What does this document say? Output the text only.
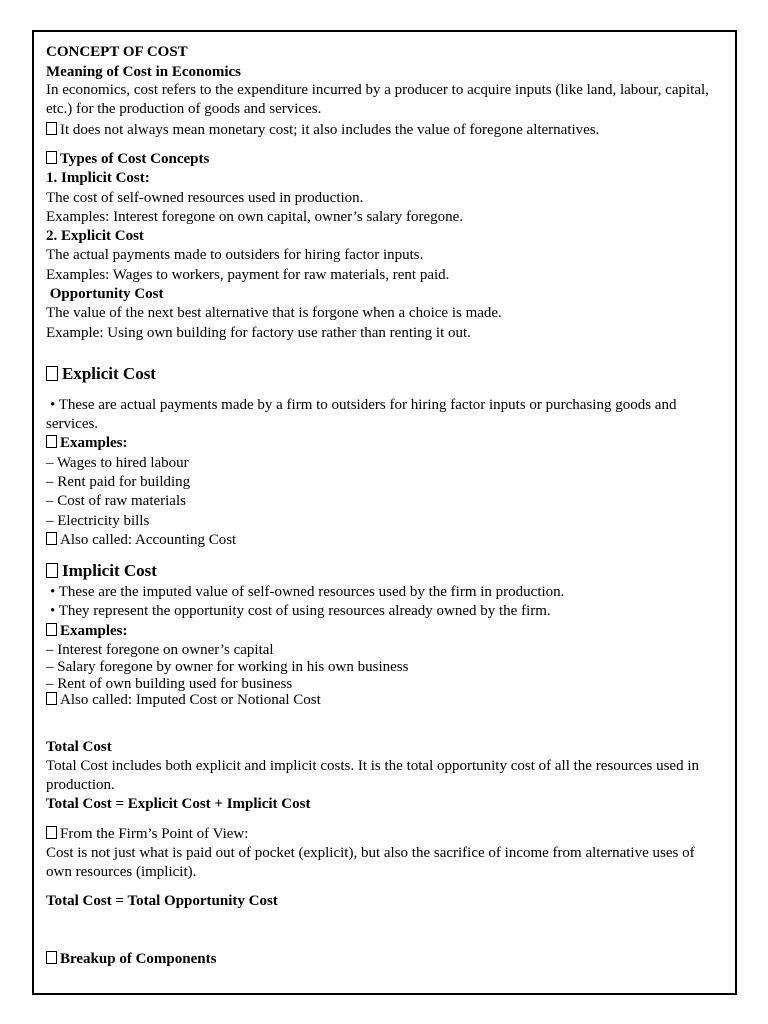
CONCEPT OF COST
Meaning of Cost in Economics
In economics, cost refers to the expenditure incurred by a producer to acquire inputs (like land, labour, capital, etc.) for the production of goods and services.
It does not always mean monetary cost; it also includes the value of foregone alternatives.
Types of Cost Concepts
1. Implicit Cost:
The cost of self-owned resources used in production.
Examples: Interest foregone on own capital, owner’s salary foregone.
2. Explicit Cost
The actual payments made to outsiders for hiring factor inputs.
Examples: Wages to workers, payment for raw materials, rent paid.
Opportunity Cost
The value of the next best alternative that is forgone when a choice is made.
Example: Using own building for factory use rather than renting it out.
Explicit Cost
• These are actual payments made by a firm to outsiders for hiring factor inputs or purchasing goods and services.
Examples:
– Wages to hired labour
– Rent paid for building
– Cost of raw materials
– Electricity bills
Also called: Accounting Cost
Implicit Cost
• These are the imputed value of self-owned resources used by the firm in production.
• They represent the opportunity cost of using resources already owned by the firm.
Examples:
– Interest foregone on owner’s capital
– Salary foregone by owner for working in his own business
– Rent of own building used for business
Also called: Imputed Cost or Notional Cost
Total Cost
Total Cost includes both explicit and implicit costs. It is the total opportunity cost of all the resources used in production.
Total Cost = Explicit Cost + Implicit Cost
From the Firm’s Point of View:
Cost is not just what is paid out of pocket (explicit), but also the sacrifice of income from alternative uses of own resources (implicit).
Total Cost = Total Opportunity Cost
Breakup of Components
